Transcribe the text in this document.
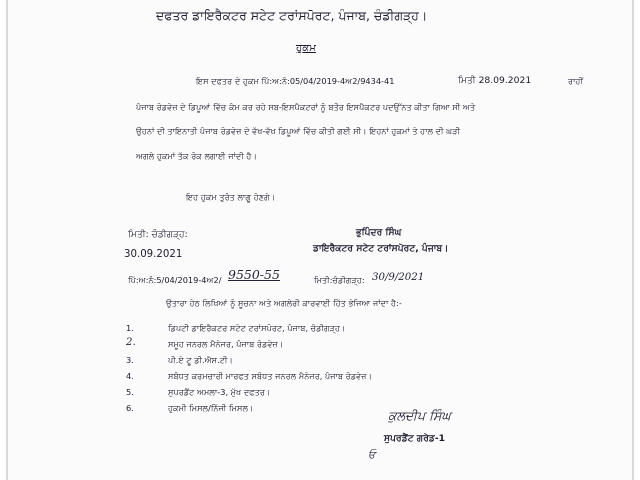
ਦਫਤਰ ਡਾਇਰੈਕਟਰ ਸਟੇਟ ਟਰਾਂਸਪੋਰਟ, ਪੰਜਾਬ, ਚੰਡੀਗੜ੍ਹ।
ਹੁਕਮ
ਇਸ ਦਫਤਰ ਦੇ ਹੁਕਮ ਪਿੱ:ਅ:ਨੰ:05/04/2019-4ਅ2/9434-41	ਮਿਤੀ 28.09.2021	ਰਾਹੀਂ
ਪੰਜਾਬ ਰੋਡਵੇਜ਼ ਦੇ ਡਿਪੂਆਂ ਵਿੱਚ ਕੰਮ ਕਰ ਰਹੇ ਸਬ-ਇਸਪੈਕਟਰਾਂ ਨੂੰ ਬਤੌਰ ਇਸਪੈਕਟਰ ਪਦਉੱਨਤ ਕੀਤਾ ਗਿਆ ਸੀ ਅਤੇ
ਉਹਨਾਂ ਦੀ ਤਾਇਨਾਤੀ ਪੰਜਾਬ ਰੋਡਵੇਜ਼ ਦੇ ਵੱਖ-ਵੱਖ ਡਿਪੂਆਂ ਵਿੱਚ ਕੀਤੀ ਗਈ ਸੀ। ਇਹਨਾਂ ਹੁਕਮਾਂ ਤੇ ਹਾਲ ਦੀ ਘੜੀ
ਅਗਲੇ ਹੁਕਮਾਂ ਤੱਕ ਰੋਕ ਲਗਾਈ ਜਾਂਦੀ ਹੈ।
ਇਹ ਹੁਕਮ ਤੁਰੰਤ ਲਾਗੂ ਹੋਣਗੇ।
ਮਿਤੀ: ਚੰਡੀਗੜ੍ਹ:
30.09.2021
ਭੁਪਿੰਦਰ ਸਿੰਘ
ਡਾਇਰੈਕਟਰ ਸਟੇਟ ਟਰਾਂਸਪੋਰਟ, ਪੰਜਾਬ।
ਪਿੱ:ਅ:ਨੰ:5/04/2019-4ਅ2/ 9550-55	ਮਿਤੀ:ਚੰਡੀਗੜ੍ਹ: 30/9/2021
ਉਤਾਰਾ ਹੇਠ ਲਿਖਿਆਂ ਨੂੰ ਸੂਚਨਾ ਅਤੇ ਅਗਲੇਰੀ ਕਾਰਵਾਈ ਹਿੱਤ ਭੇਜਿਆ ਜਾਂਦਾ ਹੈ:-
1.	ਡਿਪਟੀ ਡਾਇਰੈਕਟਰ ਸਟੇਟ ਟਰਾਂਸਪੋਰਟ, ਪੰਜਾਬ, ਚੰਡੀਗੜ੍ਹ।
2.	ਸਮੂਹ ਜਨਰਲ ਮੈਨੇਜਰ, ਪੰਜਾਬ ਰੋਡਵੇਜ਼।
3.	ਪੀ.ਏ ਟੂ ਡੀ.ਐਸ.ਟੀ।
4.	ਸਬੰਧਤ ਕਰਮਚਾਰੀ ਮਾਰਫਤ ਸਬੰਧਤ ਜਨਰਲ ਮੈਨੇਜਰ, ਪੰਜਾਬ ਰੋਡਵੇਜ਼।
5.	ਸੁਪਰਡੈਂਟ ਅਮਲਾ-3, ਮੁੱਖ ਦਫਤਰ।
6.	ਹੁਕਮੀ ਮਿਸਲ/ਨਿੱਜੀ ਮਿਸਲ।	ਕੁਲਦੀਪ ਸਿੰਘ
ਸੁਪਰਡੈਂਟ ਗਰੇਡ-1
ਓ
